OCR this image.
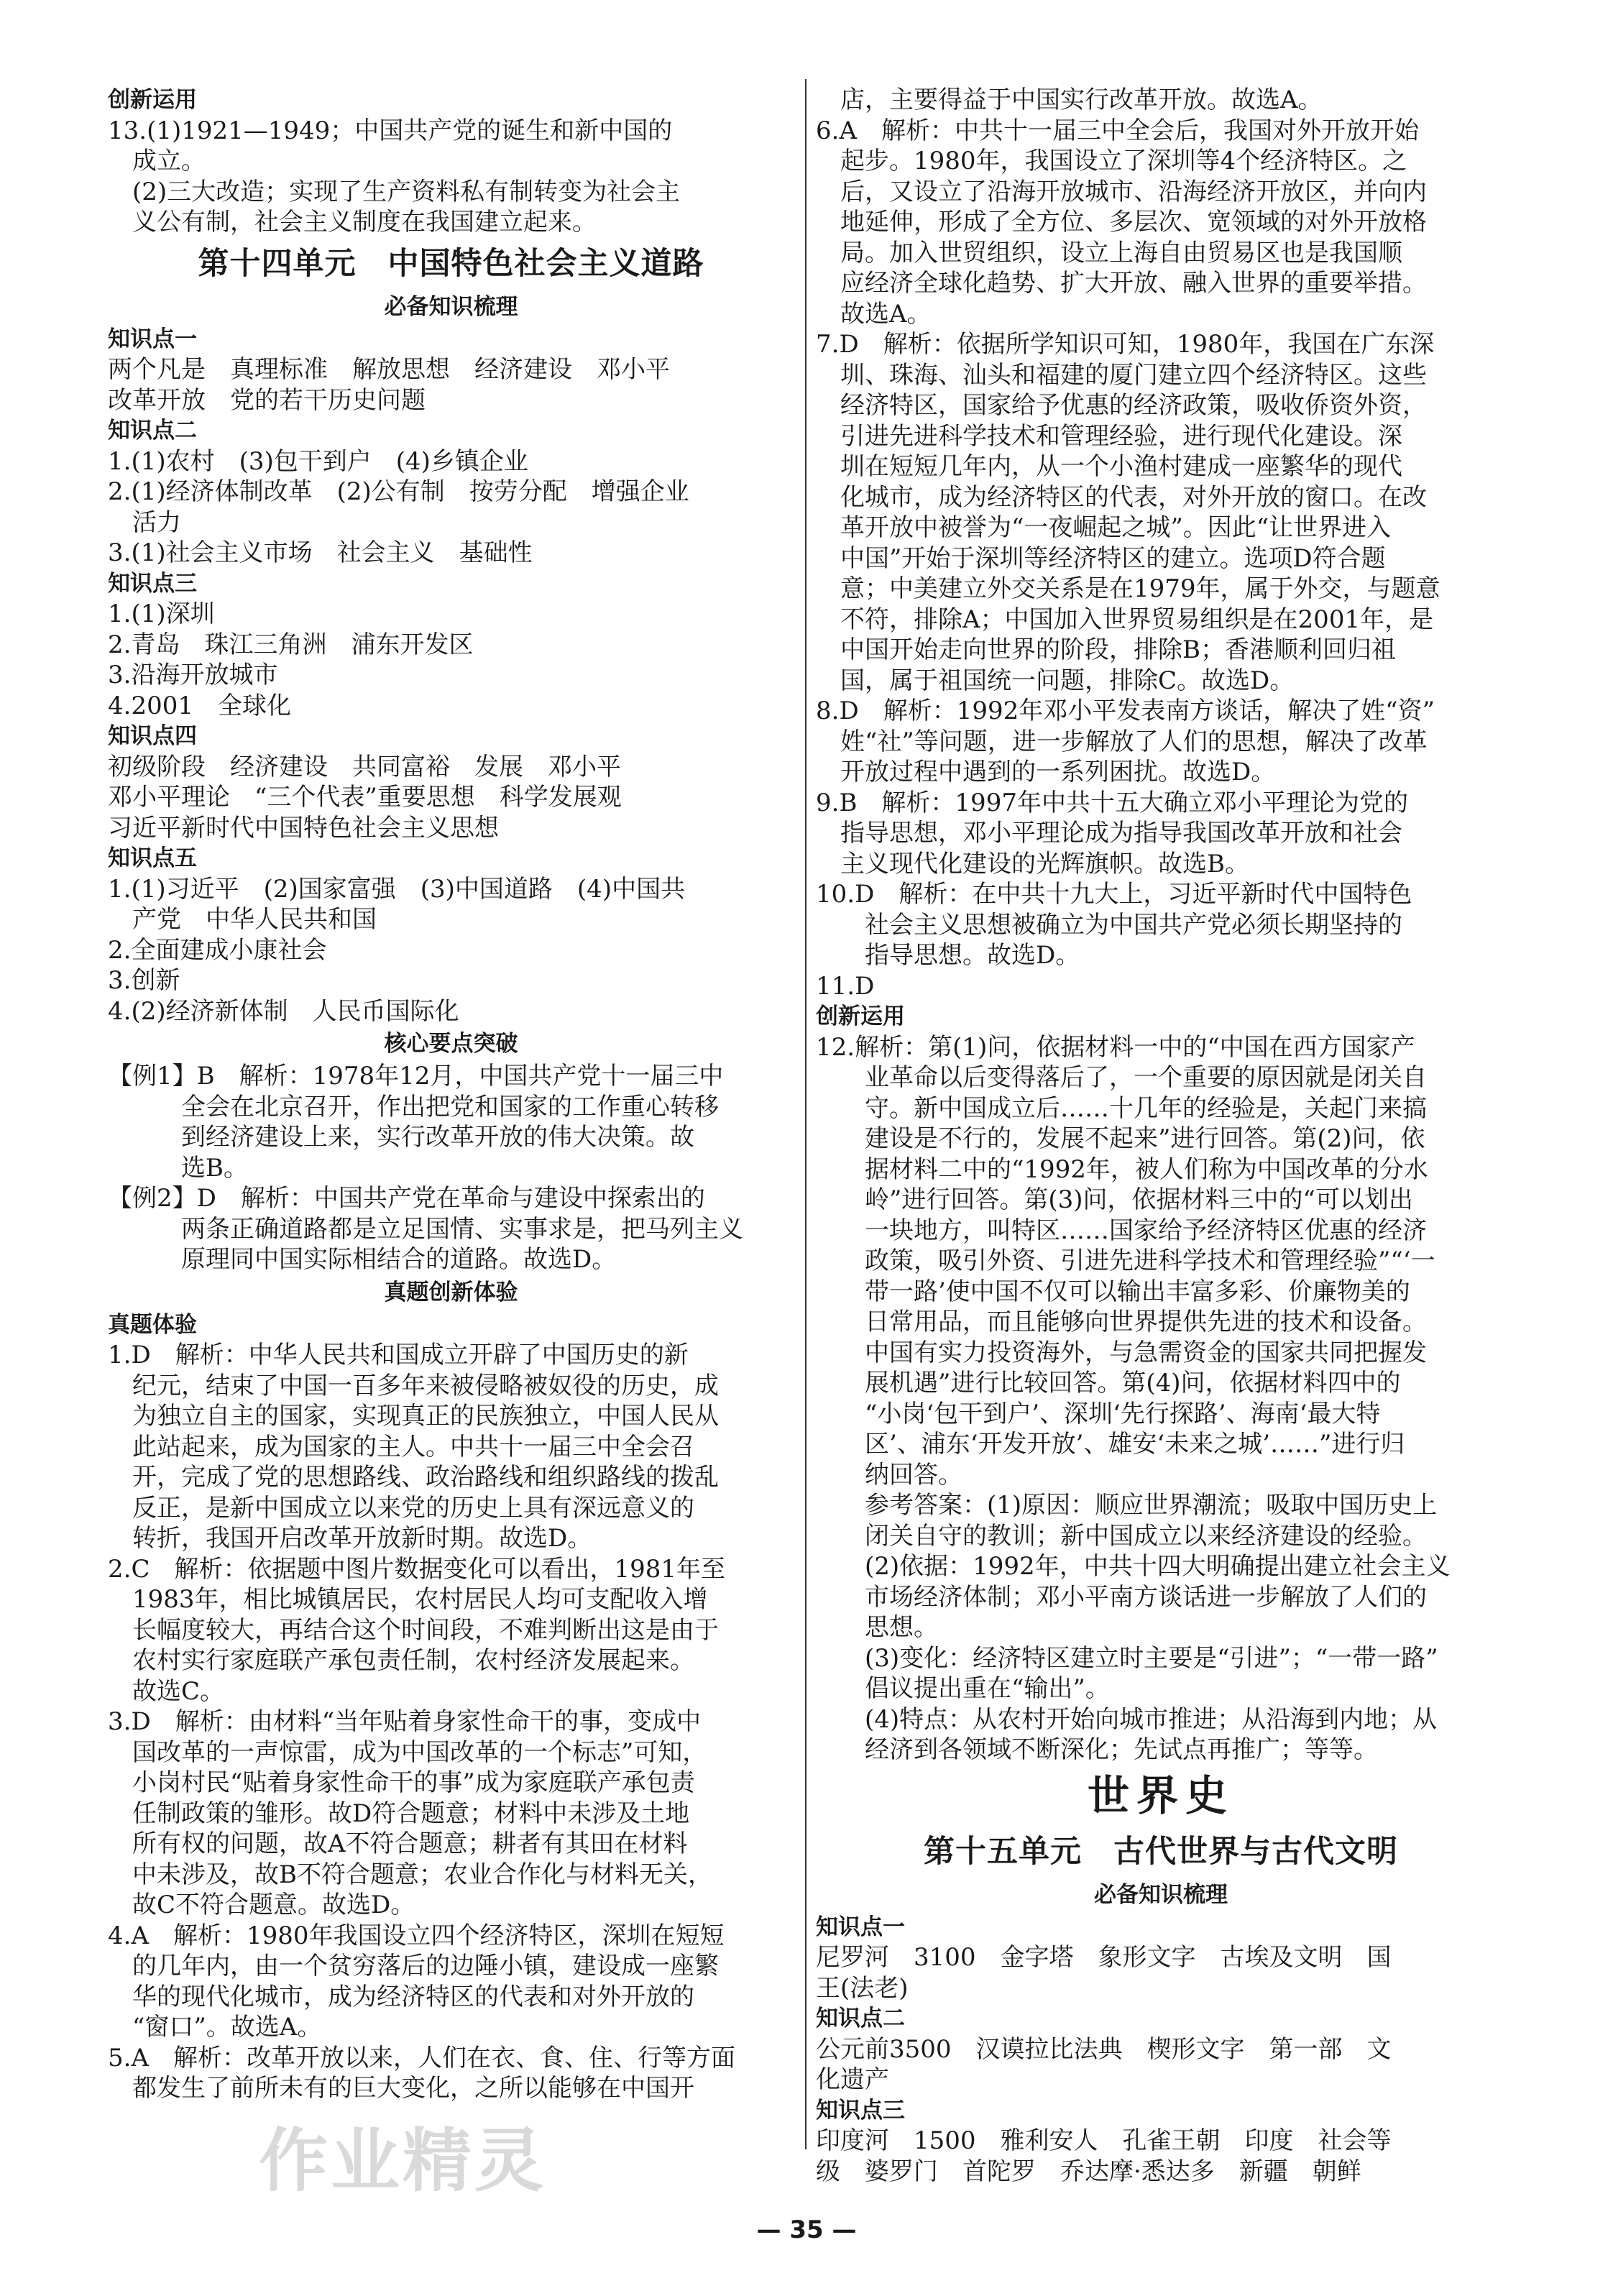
创新运用
13.(1)1921—1949；中国共产党的诞生和新中国的
成立。
(2)三大改造；实现了生产资料私有制转变为社会主
义公有制，社会主义制度在我国建立起来。
第十四单元　中国特色社会主义道路
必备知识梳理
知识点一
两个凡是　真理标准　解放思想　经济建设　邓小平
改革开放　党的若干历史问题
知识点二
1.(1)农村　(3)包干到户　(4)乡镇企业
2.(1)经济体制改革　(2)公有制　按劳分配　增强企业
活力
3.(1)社会主义市场　社会主义　基础性
知识点三
1.(1)深圳
2.青岛　珠江三角洲　浦东开发区
3.沿海开放城市
4.2001　全球化
知识点四
初级阶段　经济建设　共同富裕　发展　邓小平
邓小平理论　“三个代表”重要思想　科学发展观
习近平新时代中国特色社会主义思想
知识点五
1.(1)习近平　(2)国家富强　(3)中国道路　(4)中国共
产党　中华人民共和国
2.全面建成小康社会
3.创新
4.(2)经济新体制　人民币国际化
核心要点突破
【例1】B　解析：1978年12月，中国共产党十一届三中
全会在北京召开，作出把党和国家的工作重心转移
到经济建设上来，实行改革开放的伟大决策。故
选B。
【例2】D　解析：中国共产党在革命与建设中探索出的
两条正确道路都是立足国情、实事求是，把马列主义
原理同中国实际相结合的道路。故选D。
真题创新体验
真题体验
1.D　解析：中华人民共和国成立开辟了中国历史的新
纪元，结束了中国一百多年来被侵略被奴役的历史，成
为独立自主的国家，实现真正的民族独立，中国人民从
此站起来，成为国家的主人。中共十一届三中全会召
开，完成了党的思想路线、政治路线和组织路线的拨乱
反正，是新中国成立以来党的历史上具有深远意义的
转折，我国开启改革开放新时期。故选D。
2.C　解析：依据题中图片数据变化可以看出，1981年至
1983年，相比城镇居民，农村居民人均可支配收入增
长幅度较大，再结合这个时间段，不难判断出这是由于
农村实行家庭联产承包责任制，农村经济发展起来。
故选C。
3.D　解析：由材料“当年贴着身家性命干的事，变成中
国改革的一声惊雷，成为中国改革的一个标志”可知，
小岗村民“贴着身家性命干的事”成为家庭联产承包责
任制政策的雏形。故D符合题意；材料中未涉及土地
所有权的问题，故A不符合题意；耕者有其田在材料
中未涉及，故B不符合题意；农业合作化与材料无关，
故C不符合题意。故选D。
4.A　解析：1980年我国设立四个经济特区，深圳在短短
的几年内，由一个贫穷落后的边陲小镇，建设成一座繁
华的现代化城市，成为经济特区的代表和对外开放的
“窗口”。故选A。
5.A　解析：改革开放以来，人们在衣、食、住、行等方面
都发生了前所未有的巨大变化，之所以能够在中国开
店，主要得益于中国实行改革开放。故选A。
6.A　解析：中共十一届三中全会后，我国对外开放开始
起步。1980年，我国设立了深圳等4个经济特区。之
后，又设立了沿海开放城市、沿海经济开放区，并向内
地延伸，形成了全方位、多层次、宽领域的对外开放格
局。加入世贸组织，设立上海自由贸易区也是我国顺
应经济全球化趋势、扩大开放、融入世界的重要举措。
故选A。
7.D　解析：依据所学知识可知，1980年，我国在广东深
圳、珠海、汕头和福建的厦门建立四个经济特区。这些
经济特区，国家给予优惠的经济政策，吸收侨资外资，
引进先进科学技术和管理经验，进行现代化建设。深
圳在短短几年内，从一个小渔村建成一座繁华的现代
化城市，成为经济特区的代表，对外开放的窗口。在改
革开放中被誉为“一夜崛起之城”。因此“让世界进入
中国”开始于深圳等经济特区的建立。选项D符合题
意；中美建立外交关系是在1979年，属于外交，与题意
不符，排除A；中国加入世界贸易组织是在2001年，是
中国开始走向世界的阶段，排除B；香港顺利回归祖
国，属于祖国统一问题，排除C。故选D。
8.D　解析：1992年邓小平发表南方谈话，解决了姓“资”
姓“社”等问题，进一步解放了人们的思想，解决了改革
开放过程中遇到的一系列困扰。故选D。
9.B　解析：1997年中共十五大确立邓小平理论为党的
指导思想，邓小平理论成为指导我国改革开放和社会
主义现代化建设的光辉旗帜。故选B。
10.D　解析：在中共十九大上，习近平新时代中国特色
社会主义思想被确立为中国共产党必须长期坚持的
指导思想。故选D。
11.D
创新运用
12.解析：第(1)问，依据材料一中的“中国在西方国家产
业革命以后变得落后了，一个重要的原因就是闭关自
守。新中国成立后……十几年的经验是，关起门来搞
建设是不行的，发展不起来”进行回答。第(2)问，依
据材料二中的“1992年，被人们称为中国改革的分水
岭”进行回答。第(3)问，依据材料三中的“可以划出
一块地方，叫特区……国家给予经济特区优惠的经济
政策，吸引外资、引进先进科学技术和管理经验”“‘一
带一路’使中国不仅可以输出丰富多彩、价廉物美的
日常用品，而且能够向世界提供先进的技术和设备。
中国有实力投资海外，与急需资金的国家共同把握发
展机遇”进行比较回答。第(4)问，依据材料四中的
“小岗‘包干到户’、深圳‘先行探路’、海南‘最大特
区’、浦东‘开发开放’、雄安‘未来之城’……”进行归
纳回答。
参考答案：(1)原因：顺应世界潮流；吸取中国历史上
闭关自守的教训；新中国成立以来经济建设的经验。
(2)依据：1992年，中共十四大明确提出建立社会主义
市场经济体制；邓小平南方谈话进一步解放了人们的
思想。
(3)变化：经济特区建立时主要是“引进”；“一带一路”
倡议提出重在“输出”。
(4)特点：从农村开始向城市推进；从沿海到内地；从
经济到各领域不断深化；先试点再推广；等等。
世界史
第十五单元　古代世界与古代文明
必备知识梳理
知识点一
尼罗河　3100　金字塔　象形文字　古埃及文明　国
王(法老)
知识点二
公元前3500　汉谟拉比法典　楔形文字　第一部　文
化遗产
知识点三
印度河　1500　雅利安人　孔雀王朝　印度　社会等
级　婆罗门　首陀罗　乔达摩·悉达多　新疆　朝鲜
作业精灵
— 35 —
